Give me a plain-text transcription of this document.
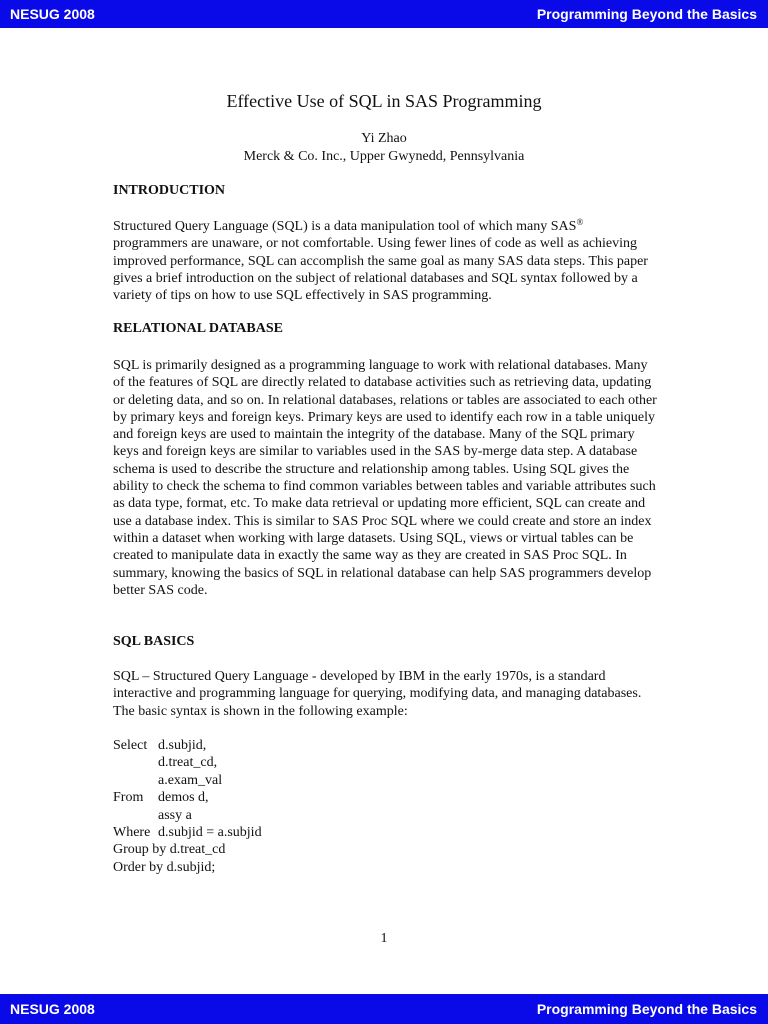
NESUG 2008	Programming Beyond the Basics
Effective Use of SQL in SAS Programming
Yi Zhao
Merck & Co. Inc., Upper Gwynedd, Pennsylvania
INTRODUCTION

Structured Query Language (SQL) is a data manipulation tool of which many SAS® programmers are unaware, or not comfortable. Using fewer lines of code as well as achieving improved performance, SQL can accomplish the same goal as many SAS data steps. This paper gives a brief introduction on the subject of relational databases and SQL syntax followed by a variety of tips on how to use SQL effectively in SAS programming.

RELATIONAL DATABASE

SQL is primarily designed as a programming language to work with relational databases. Many of the features of SQL are directly related to database activities such as retrieving data, updating or deleting data, and so on. In relational databases, relations or tables are associated to each other by primary keys and foreign keys. Primary keys are used to identify each row in a table uniquely and foreign keys are used to maintain the integrity of the database. Many of the SQL primary keys and foreign keys are similar to variables used in the SAS by-merge data step. A database schema is used to describe the structure and relationship among tables. Using SQL gives the ability to check the schema to find common variables between tables and variable attributes such as data type, format, etc. To make data retrieval or updating more efficient, SQL can create and use a database index. This is similar to SAS Proc SQL where we could create and store an index within a dataset when working with large datasets. Using SQL, views or virtual tables can be created to manipulate data in exactly the same way as they are created in SAS Proc SQL. In summary, knowing the basics of SQL in relational database can help SAS programmers develop better SAS code.

SQL BASICS

SQL – Structured Query Language - developed by IBM in the early 1970s, is a standard interactive and programming language for querying, modifying data, and managing databases. The basic syntax is shown in the following example:

Select d.subjid,
d.treat_cd,
a.exam_val
From	demos d,
assy a
Where d.subjid = a.subjid
Group by d.treat_cd
Order by d.subjid;
1
NESUG 2008	Programming Beyond the Basics
